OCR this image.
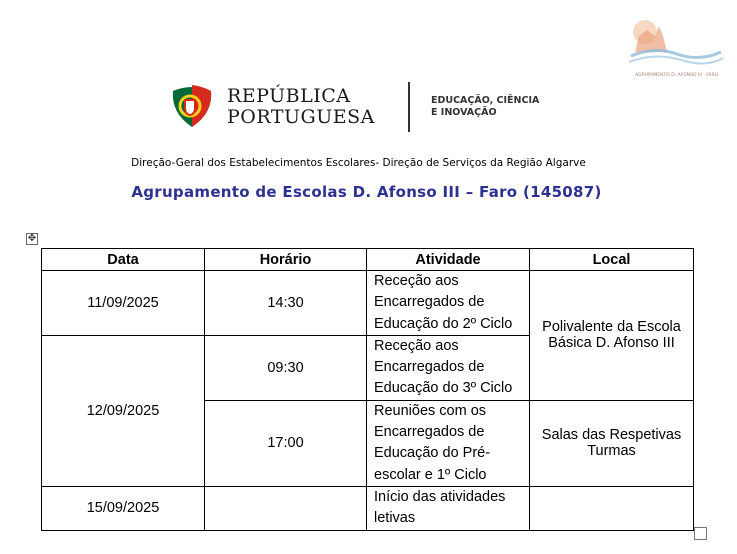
REPÚBLICA
PORTUGUESA
EDUCAÇÃO, CIÊNCIA
E INOVAÇÃO
AGRUPAMENTO D. AFONSO III · FARO
Direção-Geral dos Estabelecimentos Escolares- Direção de Serviços da Região Algarve
Agrupamento de Escolas D. Afonso III – Faro (145087)
✥
Data	Horário	Atividade	Local
11/09/2025	14:30	Receção aos Encarregados de Educação do 2º Ciclo	Polivalente da Escola Básica D. Afonso III
12/09/2025	09:30	Receção aos Encarregados de Educação do 3º Ciclo	
	17:00	Reuniões com os Encarregados de Educação do Pré-escolar e 1º Ciclo	Salas das Respetivas Turmas
15/09/2025		Início das atividades letivas	
